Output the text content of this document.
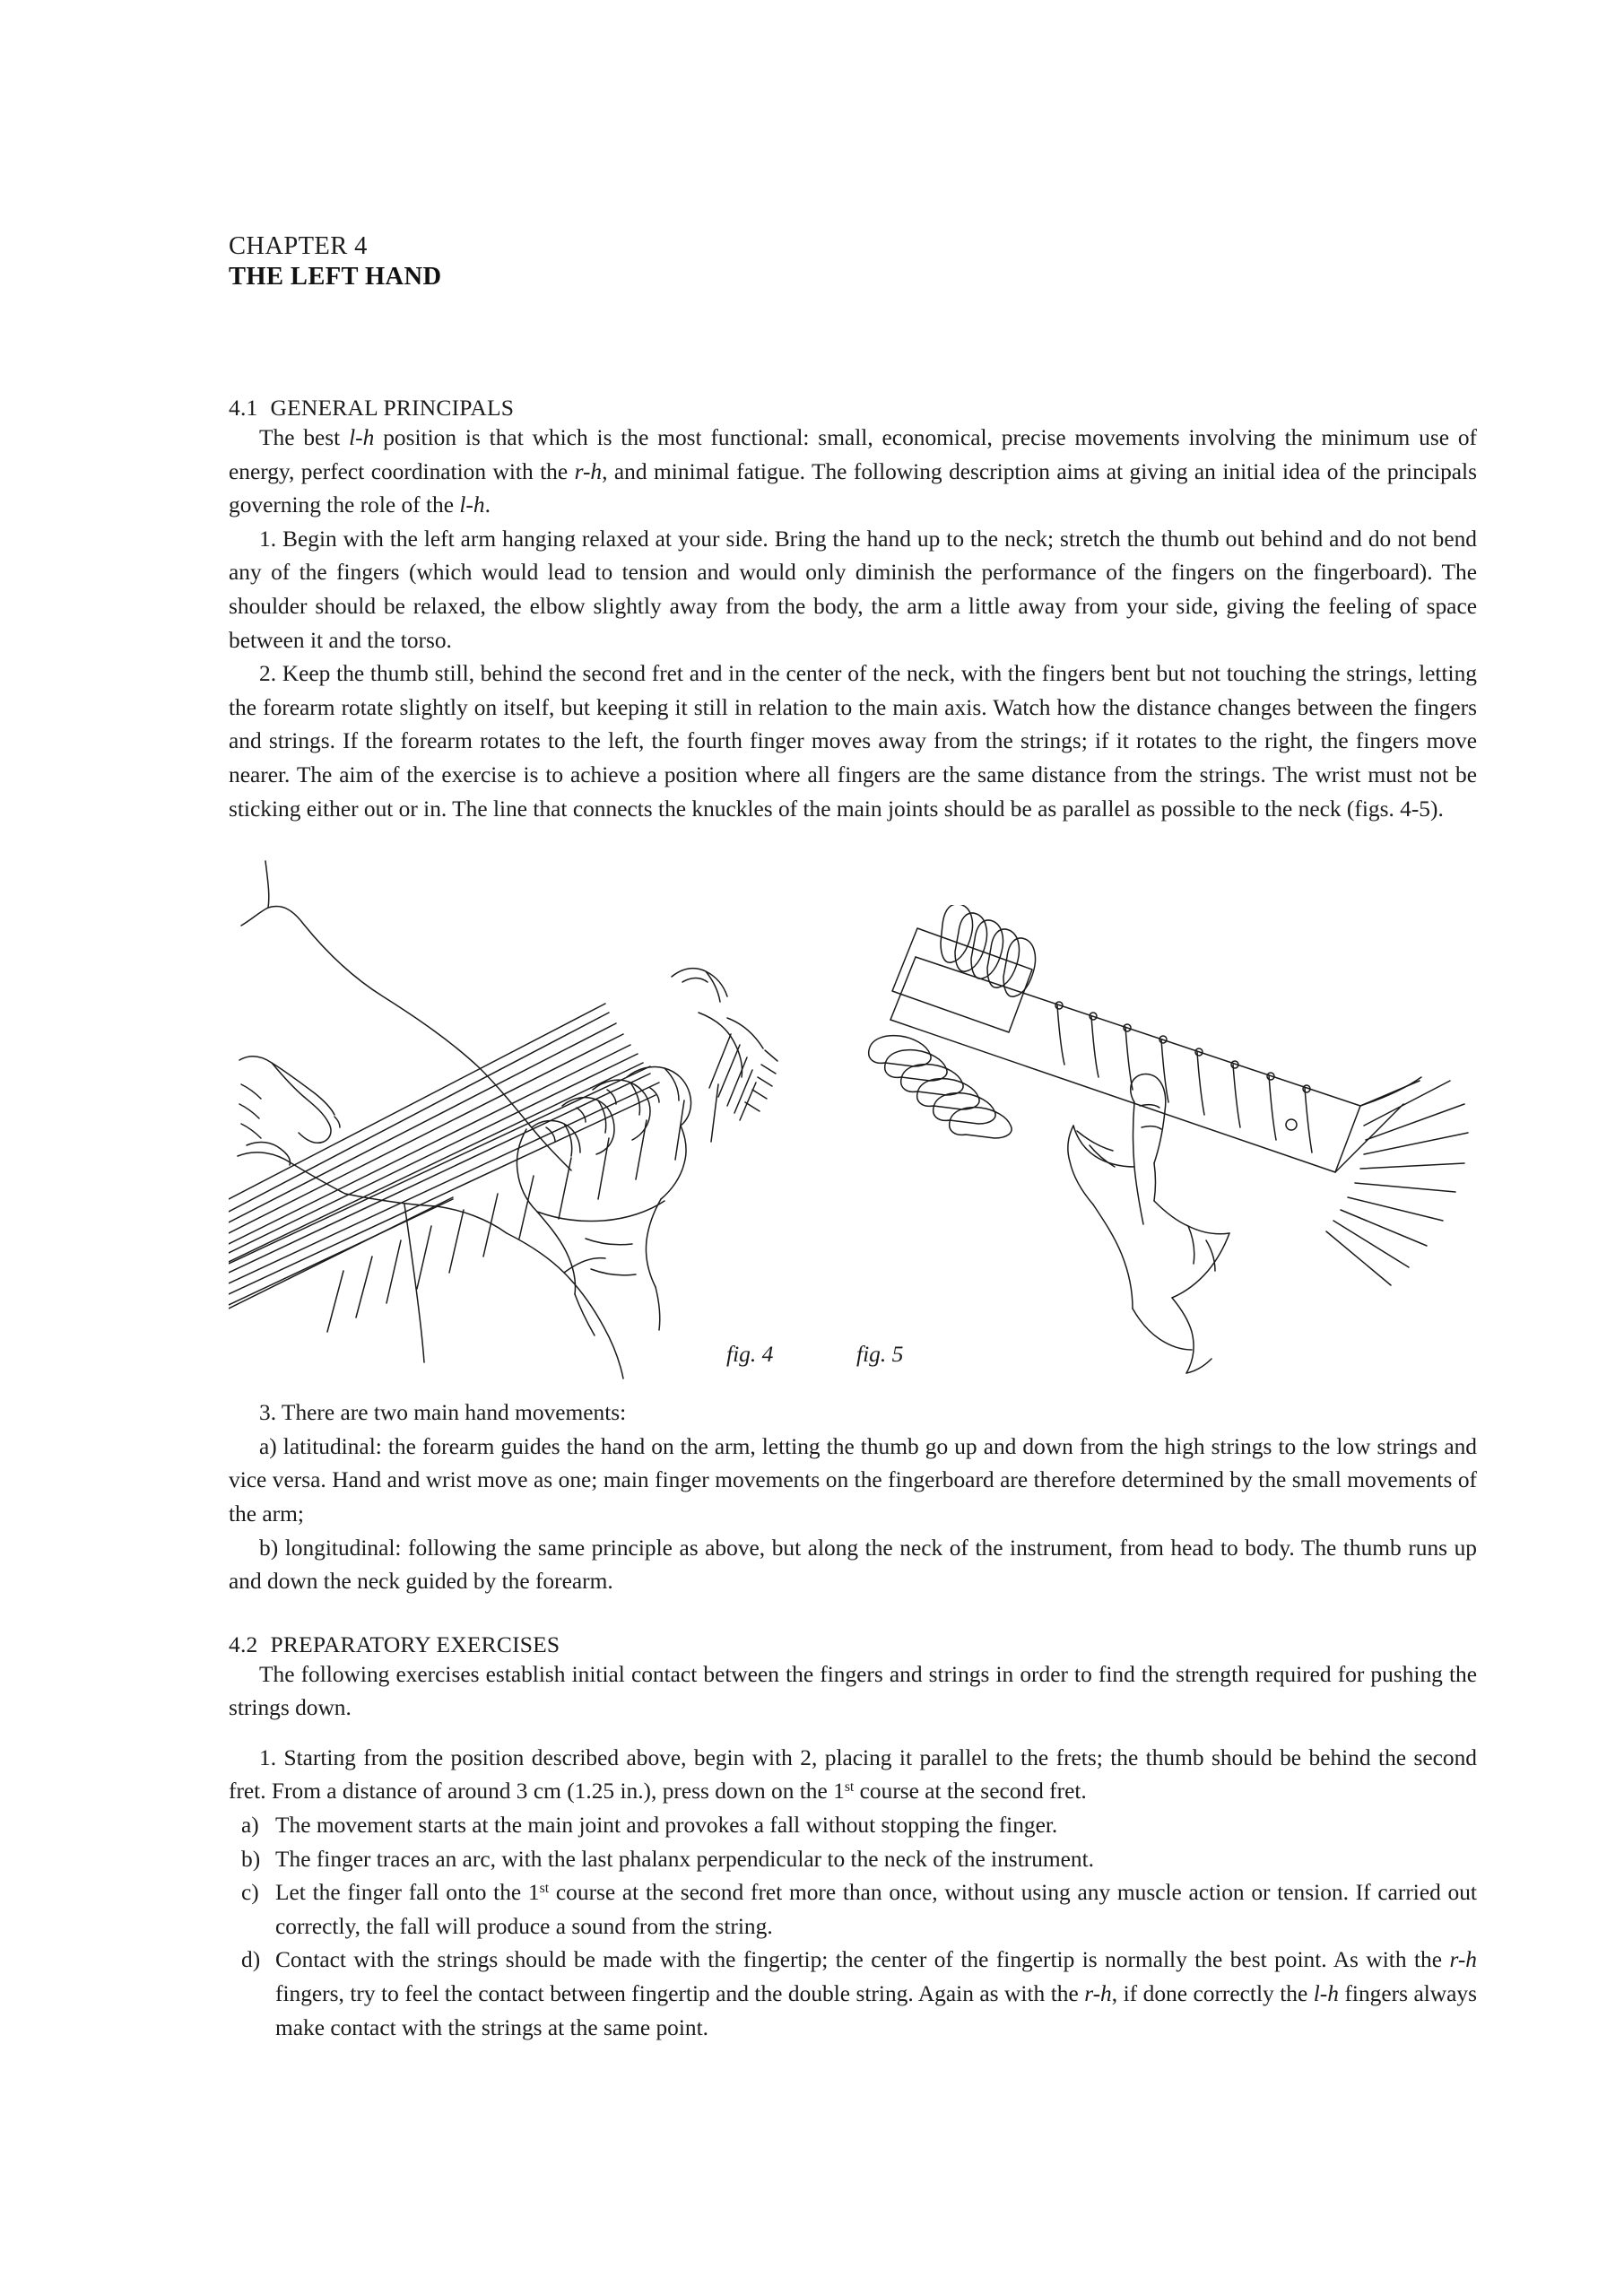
CHAPTER 4
THE LEFT HAND
4.1 GENERAL PRINCIPALS

The best l-h position is that which is the most functional: small, economical, precise movements involving the minimum use of energy, perfect coordination with the r-h, and minimal fatigue. The following description aims at giving an initial idea of the principals governing the role of the l-h.

1. Begin with the left arm hanging relaxed at your side. Bring the hand up to the neck; stretch the thumb out behind and do not bend any of the fingers (which would lead to tension and would only diminish the performance of the fingers on the fingerboard). The shoulder should be relaxed, the elbow slightly away from the body, the arm a little away from your side, giving the feeling of space between it and the torso.

2. Keep the thumb still, behind the second fret and in the center of the neck, with the fingers bent but not touching the strings, letting the forearm rotate slightly on itself, but keeping it still in relation to the main axis. Watch how the distance changes between the fingers and strings. If the forearm rotates to the left, the fourth finger moves away from the strings; if it rotates to the right, the fingers move nearer. The aim of the exercise is to achieve a position where all fingers are the same distance from the strings. The wrist must not be sticking either out or in. The line that connects the knuckles of the main joints should be as parallel as possible to the neck (figs. 4-5).

fig. 4	fig. 5

3. There are two main hand movements:

a) latitudinal: the forearm guides the hand on the arm, letting the thumb go up and down from the high strings to the low strings and vice versa. Hand and wrist move as one; main finger movements on the fingerboard are therefore determined by the small movements of the arm;

b) longitudinal: following the same principle as above, but along the neck of the instrument, from head to body. The thumb runs up and down the neck guided by the forearm.

4.2 PREPARATORY EXERCISES

The following exercises establish initial contact between the fingers and strings in order to find the strength required for pushing the strings down.

1. Starting from the position described above, begin with 2, placing it parallel to the frets; the thumb should be behind the second fret. From a distance of around 3 cm (1.25 in.), press down on the 1st course at the second fret.

a) The movement starts at the main joint and provokes a fall without stopping the finger.
b) The finger traces an arc, with the last phalanx perpendicular to the neck of the instrument.
c) Let the finger fall onto the 1st course at the second fret more than once, without using any muscle action or tension. If carried out correctly, the fall will produce a sound from the string.
d) Contact with the strings should be made with the fingertip; the center of the fingertip is normally the best point. As with the r-h fingers, try to feel the contact between fingertip and the double string. Again as with the r-h, if done correctly the l-h fingers always make contact with the strings at the same point.
